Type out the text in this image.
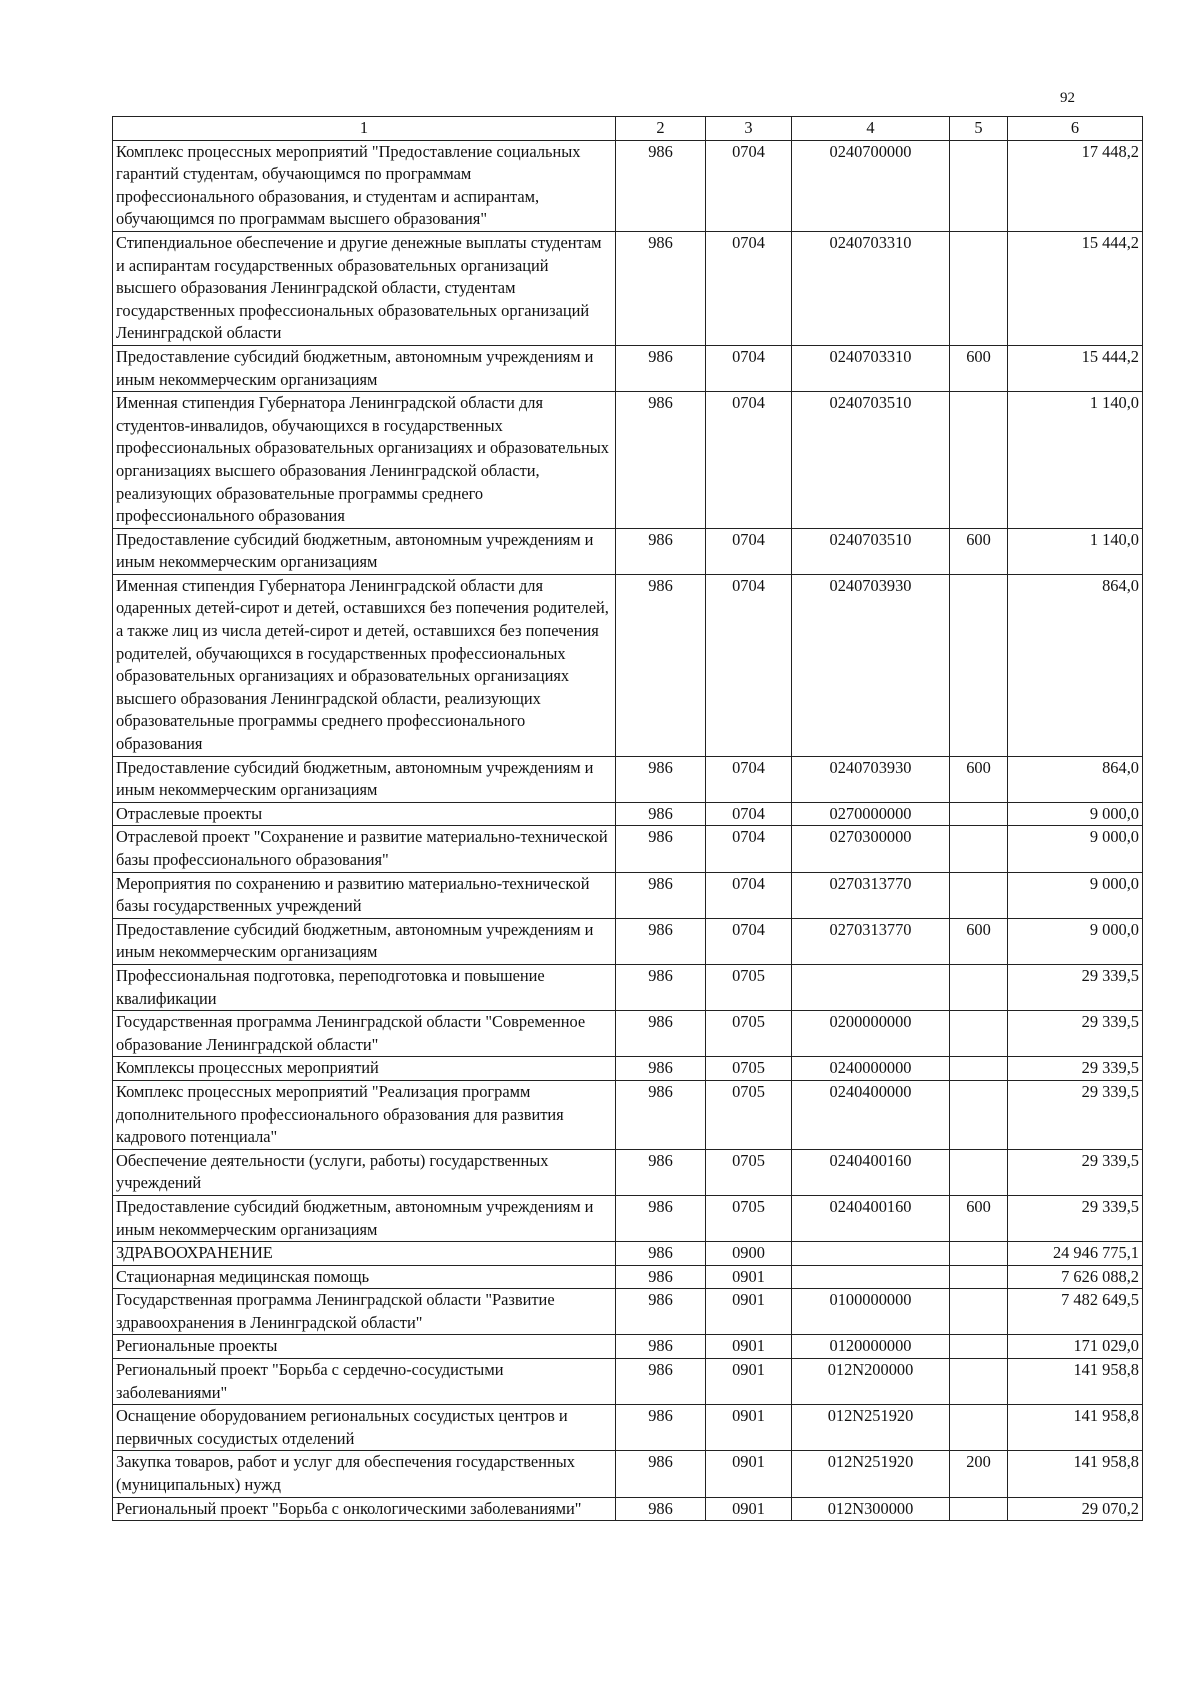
92
1	2	3	4	5	6
Комплекс процессных мероприятий "Предоставление социальных гарантий студентам, обучающимся по программам профессионального образования, и студентам и аспирантам, обучающимся по программам высшего образования"	986	0704	0240700000		17 448,2
Стипендиальное обеспечение и другие денежные выплаты студентам и аспирантам государственных образовательных организаций высшего образования Ленинградской области, студентам государственных профессиональных образовательных организаций Ленинградской области	986	0704	0240703310		15 444,2
Предоставление субсидий бюджетным, автономным учреждениям и иным некоммерческим организациям	986	0704	0240703310	600	15 444,2
Именная стипендия Губернатора Ленинградской области для студентов-инвалидов, обучающихся в государственных профессиональных образовательных организациях и образовательных организациях высшего образования Ленинградской области, реализующих образовательные программы среднего профессионального образования	986	0704	0240703510		1 140,0
Предоставление субсидий бюджетным, автономным учреждениям и иным некоммерческим организациям	986	0704	0240703510	600	1 140,0
Именная стипендия Губернатора Ленинградской области для одаренных детей-сирот и детей, оставшихся без попечения родителей, а также лиц из числа детей-сирот и детей, оставшихся без попечения родителей, обучающихся в государственных профессиональных образовательных организациях и образовательных организациях высшего образования Ленинградской области, реализующих образовательные программы среднего профессионального образования	986	0704	0240703930		864,0
Предоставление субсидий бюджетным, автономным учреждениям и иным некоммерческим организациям	986	0704	0240703930	600	864,0
Отраслевые проекты	986	0704	0270000000		9 000,0
Отраслевой проект "Сохранение и развитие материально-технической базы профессионального образования"	986	0704	0270300000		9 000,0
Мероприятия по сохранению и развитию материально-технической базы государственных учреждений	986	0704	0270313770		9 000,0
Предоставление субсидий бюджетным, автономным учреждениям и иным некоммерческим организациям	986	0704	0270313770	600	9 000,0
Профессиональная подготовка, переподготовка и повышение квалификации	986	0705			29 339,5
Государственная программа Ленинградской области "Современное образование Ленинградской области"	986	0705	0200000000		29 339,5
Комплексы процессных мероприятий	986	0705	0240000000		29 339,5
Комплекс процессных мероприятий "Реализация программ дополнительного профессионального образования для развития кадрового потенциала"	986	0705	0240400000		29 339,5
Обеспечение деятельности (услуги, работы) государственных учреждений	986	0705	0240400160		29 339,5
Предоставление субсидий бюджетным, автономным учреждениям и иным некоммерческим организациям	986	0705	0240400160	600	29 339,5
ЗДРАВООХРАНЕНИЕ	986	0900			24 946 775,1
Стационарная медицинская помощь	986	0901			7 626 088,2
Государственная программа Ленинградской области "Развитие здравоохранения в Ленинградской области"	986	0901	0100000000		7 482 649,5
Региональные проекты	986	0901	0120000000		171 029,0
Региональный проект "Борьба с сердечно-сосудистыми заболеваниями"	986	0901	012N200000		141 958,8
Оснащение оборудованием региональных сосудистых центров и первичных сосудистых отделений	986	0901	012N251920		141 958,8
Закупка товаров, работ и услуг для обеспечения государственных (муниципальных) нужд	986	0901	012N251920	200	141 958,8
Региональный проект "Борьба с онкологическими заболеваниями"	986	0901	012N300000		29 070,2
